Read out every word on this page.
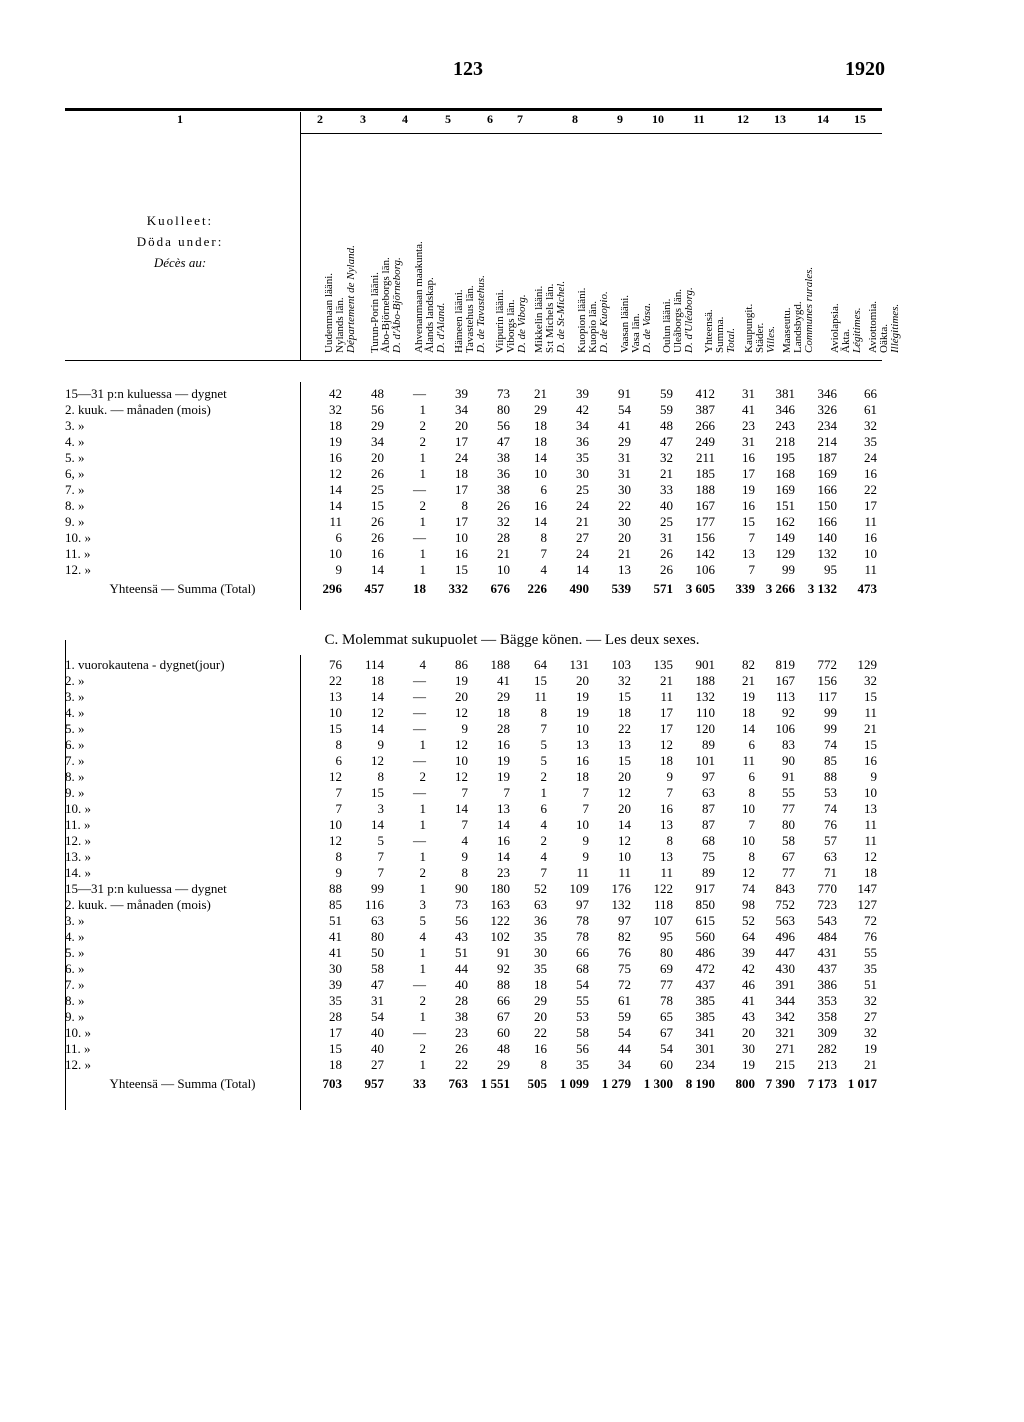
123	1920
1	2	3	4	5	6	7	8	9	10	11	12	13	14	15
Kuolleet:
Döda under:
Décès au:

Uudenmaan lääni. Nylands län. Département de Nyland.

Turun-Porin lääni. Åbo-Björneborgs län. D. d'Åbo-Björneborg.

Ahvenanmaan maakunta. Ålands landskap. D. d'Aland.

Hämeen lääni. Tavastehus län. D. de Tavastehus.

Viipurin lääni. Viborgs län. D. de Viborg.

Mikkelin lääni. S:t Michels län. D. de St-Michel.

Kuopion lääni. Kuopio län. D. de Kuopio.

Vaasan lääni. Vasa län. D. de Vasa.

Oulun lääni. Uleåborgs län. D. d'Uléaborg.

Yhteensä. Summa. Total.

Kaupungit. Städer. Villes.

Maaseutu. Landsbygd. Communes rurales.

Aviolapsia. Äkta. Légitimes.

Aviottomia. Oäkta. Illégitimes.

15—31 p:n kuluessa — dygnet	42	48	—	39	73	21	39	91	59	412	31	381	346	66
2. kuuk. — månaden (mois)	32	56	1	34	80	29	42	54	59	387	41	346	326	61
3. »	18	29	2	20	56	18	34	41	48	266	23	243	234	32
4. »	19	34	2	17	47	18	36	29	47	249	31	218	214	35
5. »	16	20	1	24	38	14	35	31	32	211	16	195	187	24
6, »	12	26	1	18	36	10	30	31	21	185	17	168	169	16
7. »	14	25	—	17	38	6	25	30	33	188	19	169	166	22
8. »	14	15	2	8	26	16	24	22	40	167	16	151	150	17
9. »	11	26	1	17	32	14	21	30	25	177	15	162	166	11
10. »	6	26	—	10	28	8	27	20	31	156	7	149	140	16
11. »	10	16	1	16	21	7	24	21	26	142	13	129	132	10
12. »	9	14	1	15	10	4	14	13	26	106	7	99	95	11
Yhteensä — Summa (Total)	296	457	18	332	676	226	490	539	571	3 605	339	3 266	3 132	473
C. Molemmat sukupuolet — Bägge könen. — Les deux sexes.
1. vuorokautena - dygnet(jour)	76	114	4	86	188	64	131	103	135	901	82	819	772	129
2. »	22	18	—	19	41	15	20	32	21	188	21	167	156	32
3. »	13	14	—	20	29	11	19	15	11	132	19	113	117	15
4. »	10	12	—	12	18	8	19	18	17	110	18	92	99	11
5. »	15	14	—	9	28	7	10	22	17	120	14	106	99	21
6. »	8	9	1	12	16	5	13	13	12	89	6	83	74	15
7. »	6	12	—	10	19	5	16	15	18	101	11	90	85	16
8. »	12	8	2	12	19	2	18	20	9	97	6	91	88	9
9. »	7	15	—	7	7	1	7	12	7	63	8	55	53	10
10. »	7	3	1	14	13	6	7	20	16	87	10	77	74	13
11. »	10	14	1	7	14	4	10	14	13	87	7	80	76	11
12. »	12	5	—	4	16	2	9	12	8	68	10	58	57	11
13. »	8	7	1	9	14	4	9	10	13	75	8	67	63	12
14. »	9	7	2	8	23	7	11	11	11	89	12	77	71	18
15—31 p:n kuluessa — dygnet	88	99	1	90	180	52	109	176	122	917	74	843	770	147
2. kuuk. — månaden (mois)	85	116	3	73	163	63	97	132	118	850	98	752	723	127
3. »	51	63	5	56	122	36	78	97	107	615	52	563	543	72
4. »	41	80	4	43	102	35	78	82	95	560	64	496	484	76
5. »	41	50	1	51	91	30	66	76	80	486	39	447	431	55
6. »	30	58	1	44	92	35	68	75	69	472	42	430	437	35
7. »	39	47	—	40	88	18	54	72	77	437	46	391	386	51
8. »	35	31	2	28	66	29	55	61	78	385	41	344	353	32
9. »	28	54	1	38	67	20	53	59	65	385	43	342	358	27
10. »	17	40	—	23	60	22	58	54	67	341	20	321	309	32
11. »	15	40	2	26	48	16	56	44	54	301	30	271	282	19
12. »	18	27	1	22	29	8	35	34	60	234	19	215	213	21
Yhteensä — Summa (Total)	703	957	33	763	1 551	505	1 099	1 279	1 300	8 190	800	7 390	7 173	1 017
